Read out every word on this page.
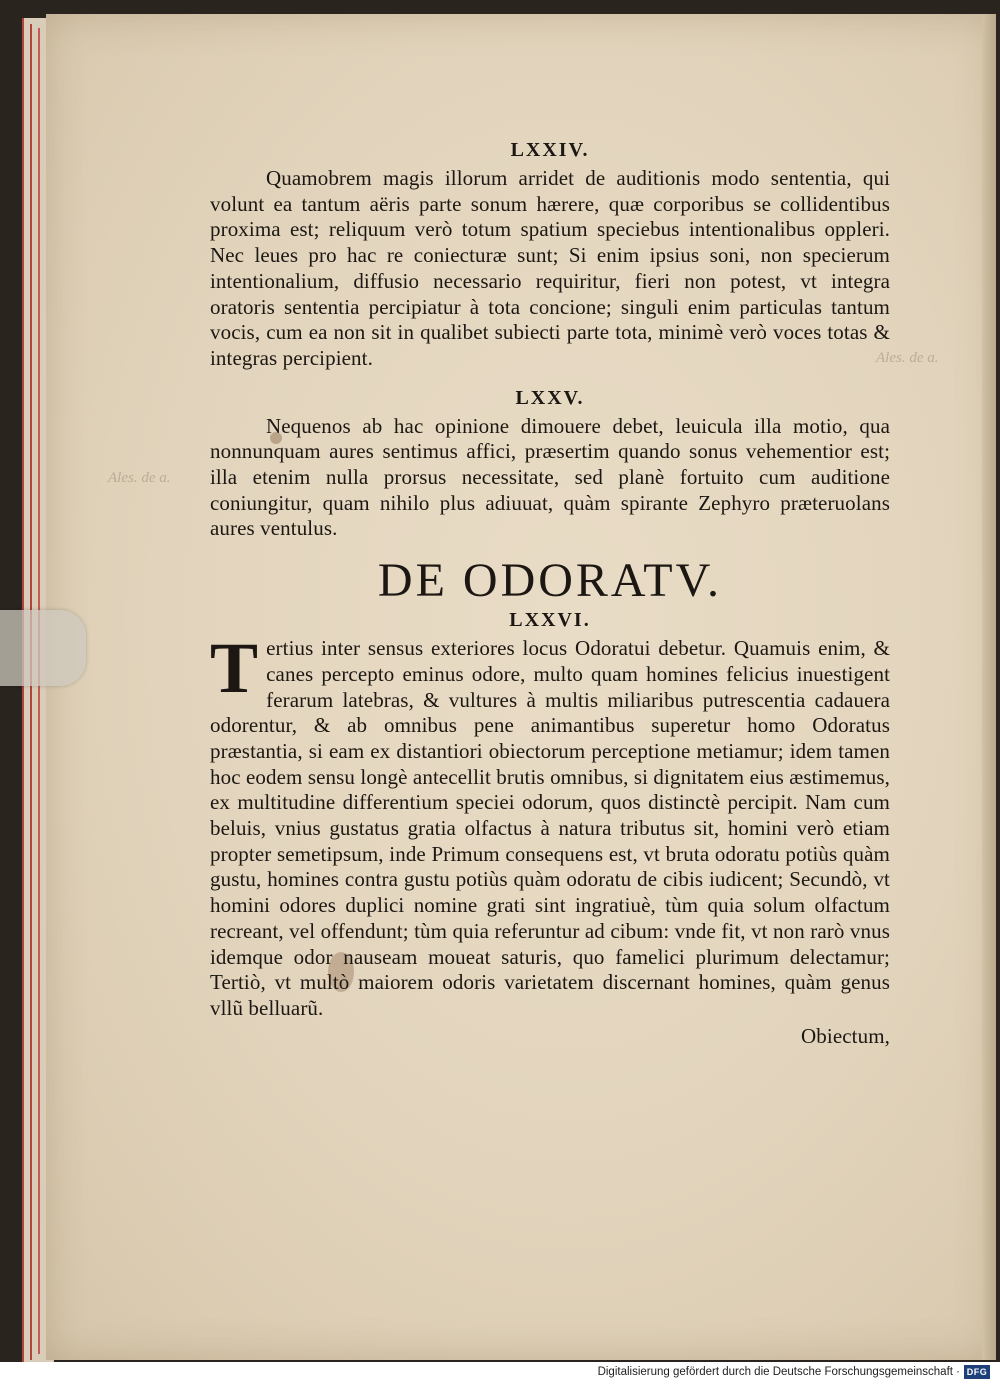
Ales. de a.
Ales. de a.
LXXIV.
Quamobrem magis illorum arridet de auditionis modo sententia, qui volunt ea tantum aëris parte sonum hærere, quæ corporibus se collidentibus proxima est; reliquum verò totum spatium speciebus intentionalibus oppleri. Nec leues pro hac re coniecturæ sunt; Si enim ipsius soni, non specierum intentionalium, diffusio necessario requiritur, fieri non potest, vt integra oratoris sententia percipiatur à tota concione; singuli enim particulas tantum vocis, cum ea non sit in qualibet subiecti parte tota, minimè verò voces totas & integras percipient.
LXXV.
Nequenos ab hac opinione dimouere debet, leuicula illa motio, qua nonnunquam aures sentimus affici, præsertim quando sonus vehementior est; illa etenim nulla prorsus necessitate, sed planè fortuito cum auditione coniungitur, quam nihilo plus adiuuat, quàm spirante Zephyro præteruolans aures ventulus.
DE ODORATV.
LXXVI.
Tertius inter sensus exteriores locus Odoratui debetur. Quamuis enim, & canes percepto eminus odore, multo quam homines felicius inuestigent ferarum latebras, & vultures à multis miliaribus putrescentia cadauera odorentur, & ab omnibus pene animantibus superetur homo Odoratus præstantia, si eam ex distantiori obiectorum perceptione metiamur; idem tamen hoc eodem sensu longè antecellit brutis omnibus, si dignitatem eius æstimemus, ex multitudine differentium speciei odorum, quos distinctè percipit. Nam cum beluis, vnius gustatus gratia olfactus à natura tributus sit, homini verò etiam propter semetipsum, inde Primum consequens est, vt bruta odoratu potiùs quàm gustu, homines contra gustu potiùs quàm odoratu de cibis iudicent; Secundò, vt homini odores duplici nomine grati sint ingratiuè, tùm quia solum olfactum recreant, vel offendunt; tùm quia referuntur ad cibum: vnde fit, vt non rarò vnus idemque odor nauseam moueat saturis, quo famelici plurimum delectamur; Tertiò, vt multò maiorem odoris varietatem discernant homines, quàm genus vllũ belluarũ.
Obiectum,
Digitalisierung gefördert durch die Deutsche Forschungsgemeinschaft · DFG
